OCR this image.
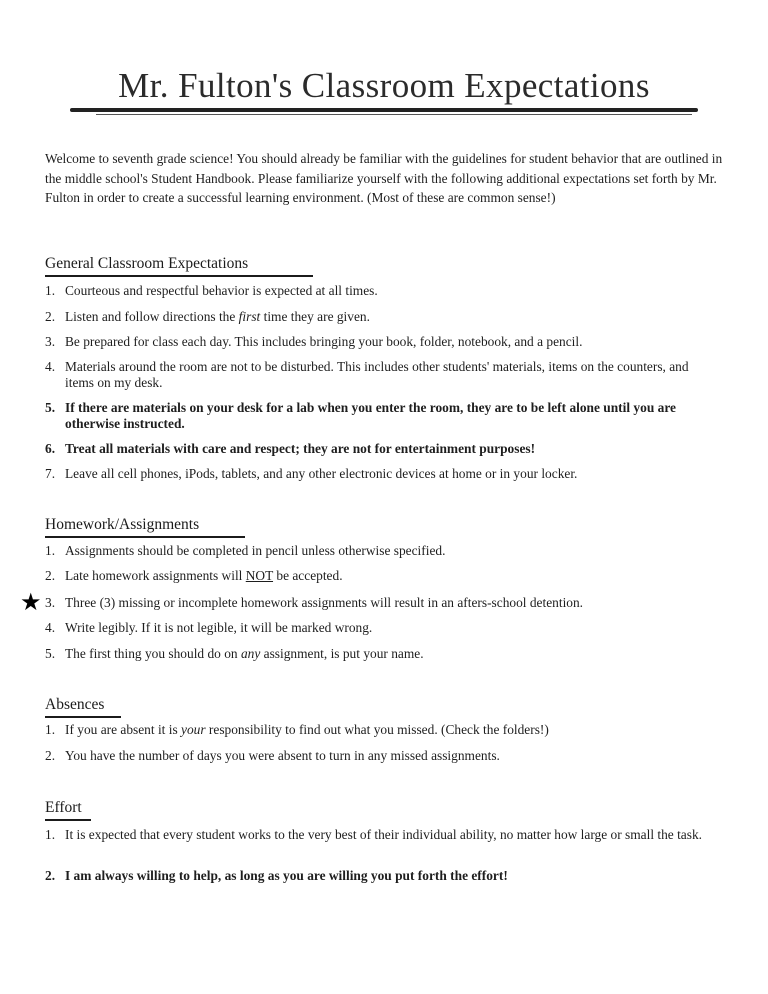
Mr. Fulton's Classroom Expectations
Welcome to seventh grade science! You should already be familiar with the guidelines for student behavior that are outlined in the middle school's Student Handbook. Please familiarize yourself with the following additional expectations set forth by Mr. Fulton in order to create a successful learning environment. (Most of these are common sense!)
General Classroom Expectations
1. Courteous and respectful behavior is expected at all times.
2. Listen and follow directions the first time they are given.
3. Be prepared for class each day. This includes bringing your book, folder, notebook, and a pencil.
4. Materials around the room are not to be disturbed. This includes other students' materials, items on the counters, and items on my desk.
5. If there are materials on your desk for a lab when you enter the room, they are to be left alone until you are otherwise instructed.
6. Treat all materials with care and respect; they are not for entertainment purposes!
7. Leave all cell phones, iPods, tablets, and any other electronic devices at home or in your locker.
Homework/Assignments
★
1. Assignments should be completed in pencil unless otherwise specified.
2. Late homework assignments will NOT be accepted.
3. Three (3) missing or incomplete homework assignments will result in an afters-school detention.
4. Write legibly. If it is not legible, it will be marked wrong.
5. The first thing you should do on any assignment, is put your name.
Absences
1. If you are absent it is your responsibility to find out what you missed. (Check the folders!)
2. You have the number of days you were absent to turn in any missed assignments.
Effort
1. It is expected that every student works to the very best of their individual ability, no matter how large or small the task.
2. I am always willing to help, as long as you are willing you put forth the effort!
